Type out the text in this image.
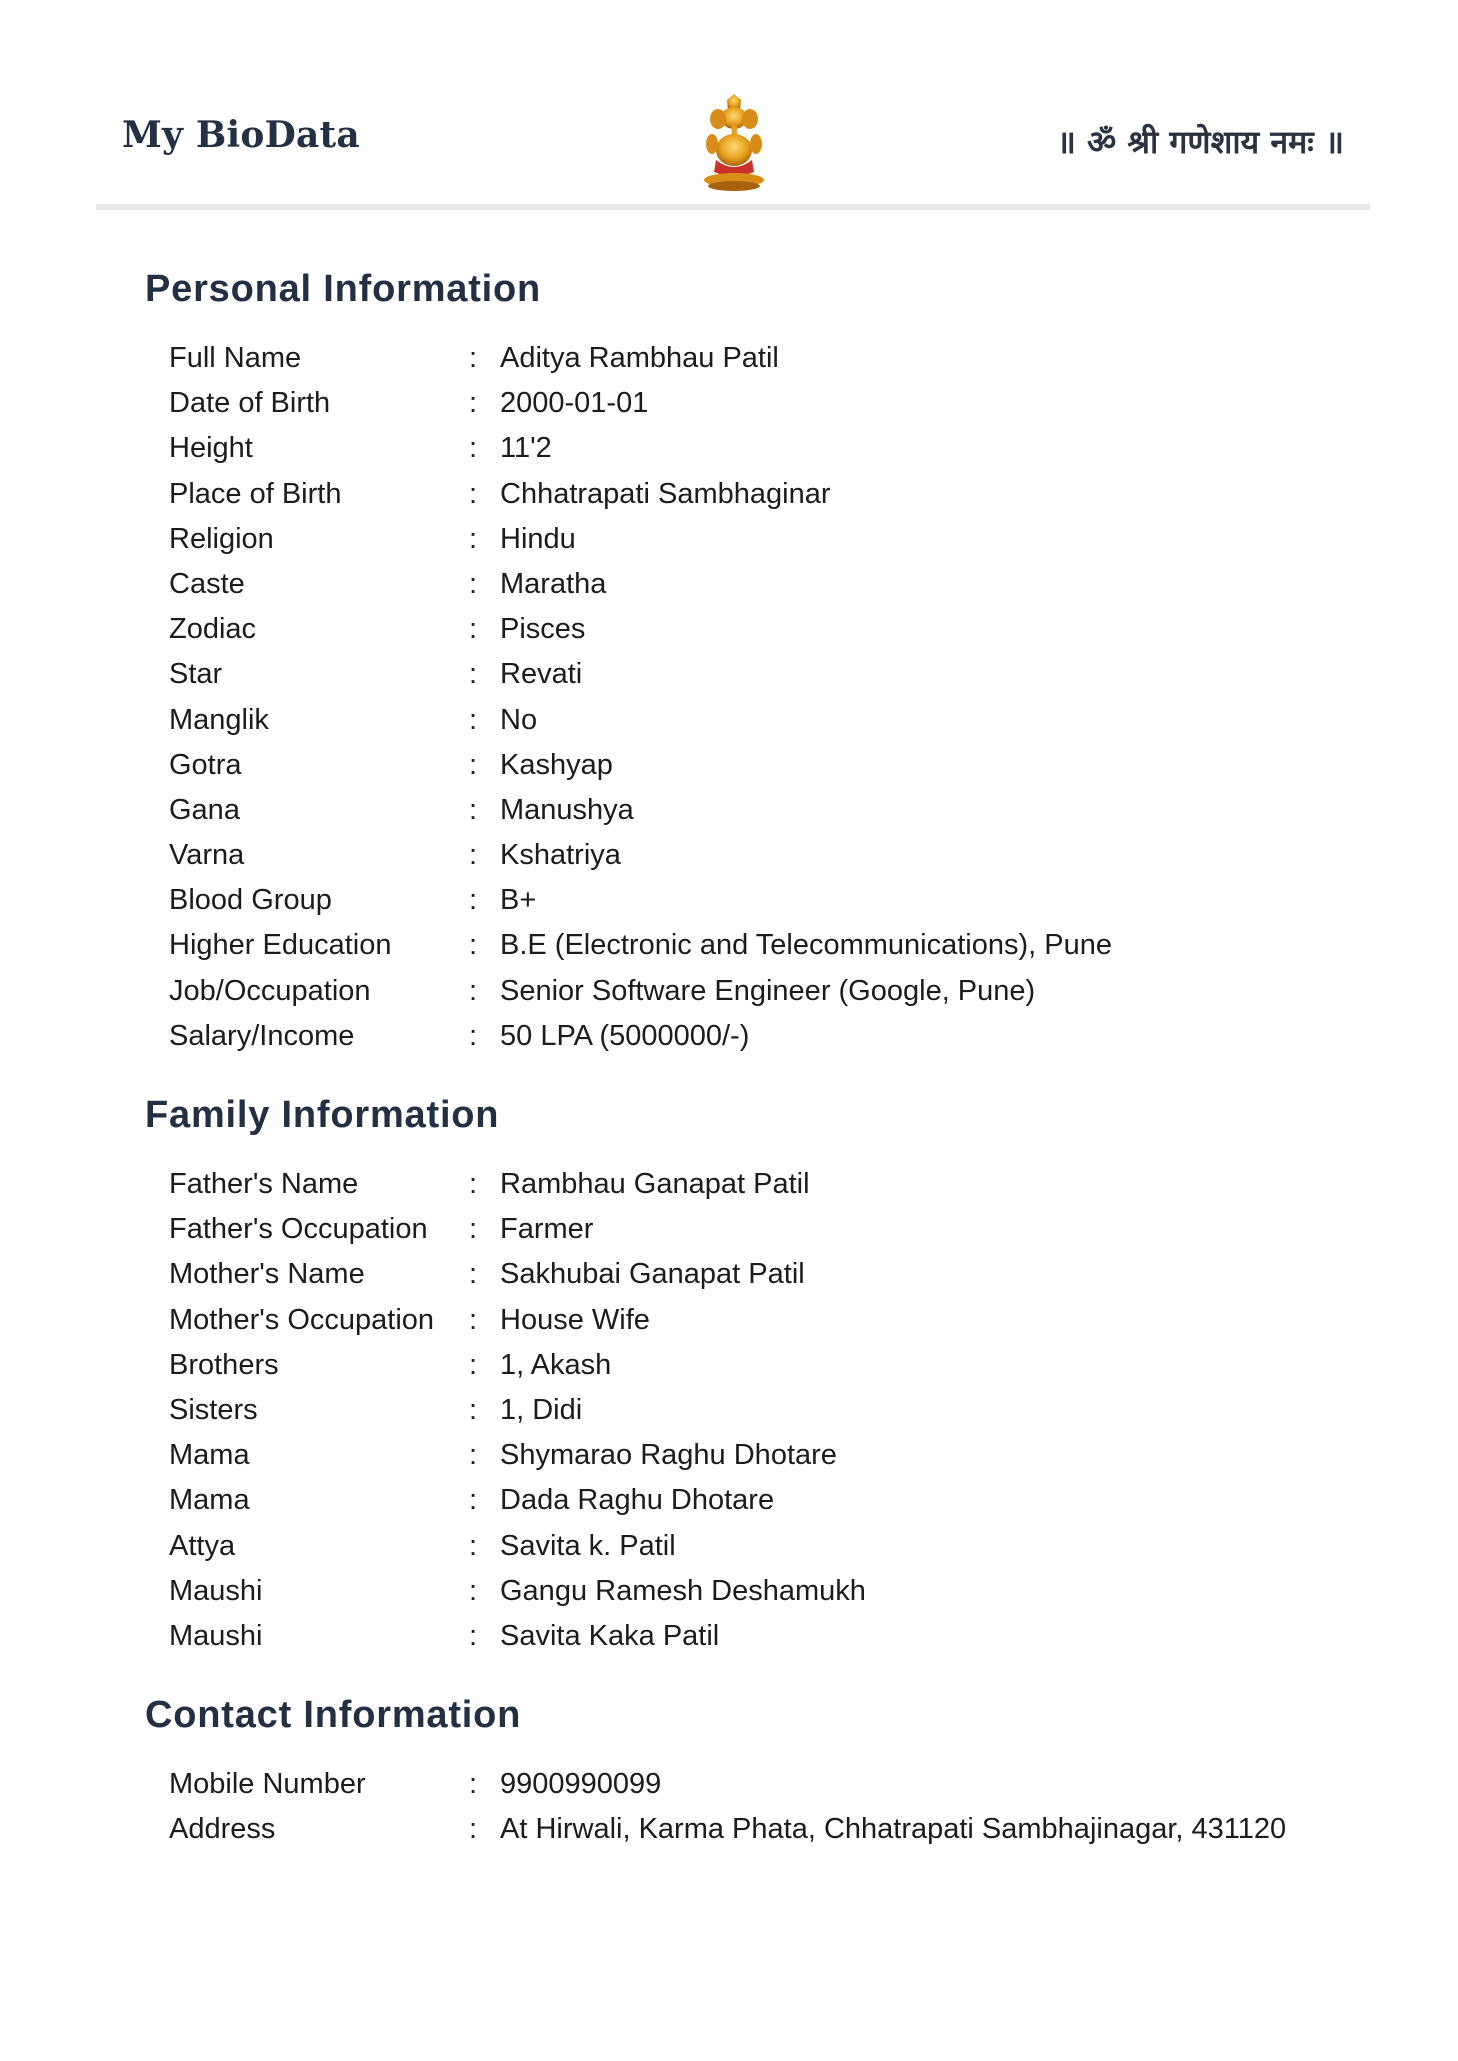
My BioData	॥ ॐ श्री गणेशाय नमः ॥
Personal Information
Full Name	: Aditya Rambhau Patil
Date of Birth	: 2000-01-01
Height	: 11'2
Place of Birth	: Chhatrapati Sambhaginar
Religion	: Hindu
Caste	: Maratha
Zodiac	: Pisces
Star	: Revati
Manglik	: No
Gotra	: Kashyap
Gana	: Manushya
Varna	: Kshatriya
Blood Group	: B+
Higher Education	: B.E (Electronic and Telecommunications), Pune
Job/Occupation	: Senior Software Engineer (Google, Pune)
Salary/Income	: 50 LPA (5000000/-)
Family Information
Father's Name	: Rambhau Ganapat Patil
Father's Occupation : Farmer
Mother's Name	: Sakhubai Ganapat Patil
Mother's Occupation : House Wife
Brothers	: 1, Akash
Sisters	: 1, Didi
Mama	: Shymarao Raghu Dhotare
Mama	: Dada Raghu Dhotare
Attya	: Savita k. Patil
Maushi	: Gangu Ramesh Deshamukh
Maushi	: Savita Kaka Patil
Contact Information
Mobile Number	: 9900990099
Address	: At Hirwali, Karma Phata, Chhatrapati Sambhajinagar, 431120
